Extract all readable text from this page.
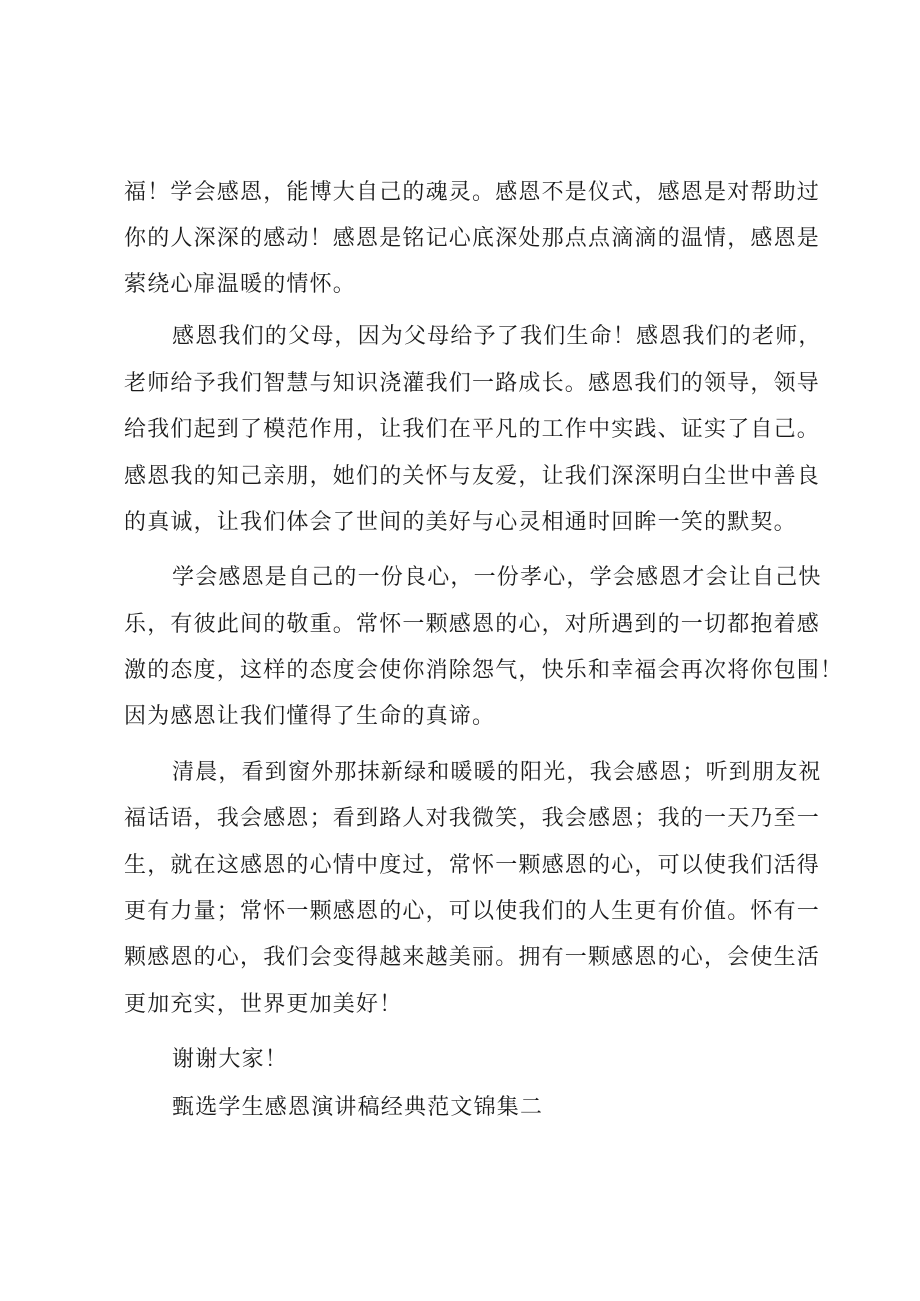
福！学会感恩，能博大自己的魂灵。感恩不是仪式，感恩是对帮助过
你的人深深的感动！感恩是铭记心底深处那点点滴滴的温情，感恩是
萦绕心扉温暖的情怀。
感恩我们的父母，因为父母给予了我们生命！感恩我们的老师，
老师给予我们智慧与知识浇灌我们一路成长。感恩我们的领导，领导
给我们起到了模范作用，让我们在平凡的工作中实践、证实了自己。
感恩我的知己亲朋，她们的关怀与友爱，让我们深深明白尘世中善良
的真诚，让我们体会了世间的美好与心灵相通时回眸一笑的默契。
学会感恩是自己的一份良心，一份孝心，学会感恩才会让自己快
乐，有彼此间的敬重。常怀一颗感恩的心，对所遇到的一切都抱着感
激的态度，这样的态度会使你消除怨气，快乐和幸福会再次将你包围！
因为感恩让我们懂得了生命的真谛。
清晨，看到窗外那抹新绿和暖暖的阳光，我会感恩；听到朋友祝
福话语，我会感恩；看到路人对我微笑，我会感恩；我的一天乃至一
生，就在这感恩的心情中度过，常怀一颗感恩的心，可以使我们活得
更有力量；常怀一颗感恩的心，可以使我们的人生更有价值。怀有一
颗感恩的心，我们会变得越来越美丽。拥有一颗感恩的心，会使生活
更加充实，世界更加美好！
谢谢大家！
甄选学生感恩演讲稿经典范文锦集二
